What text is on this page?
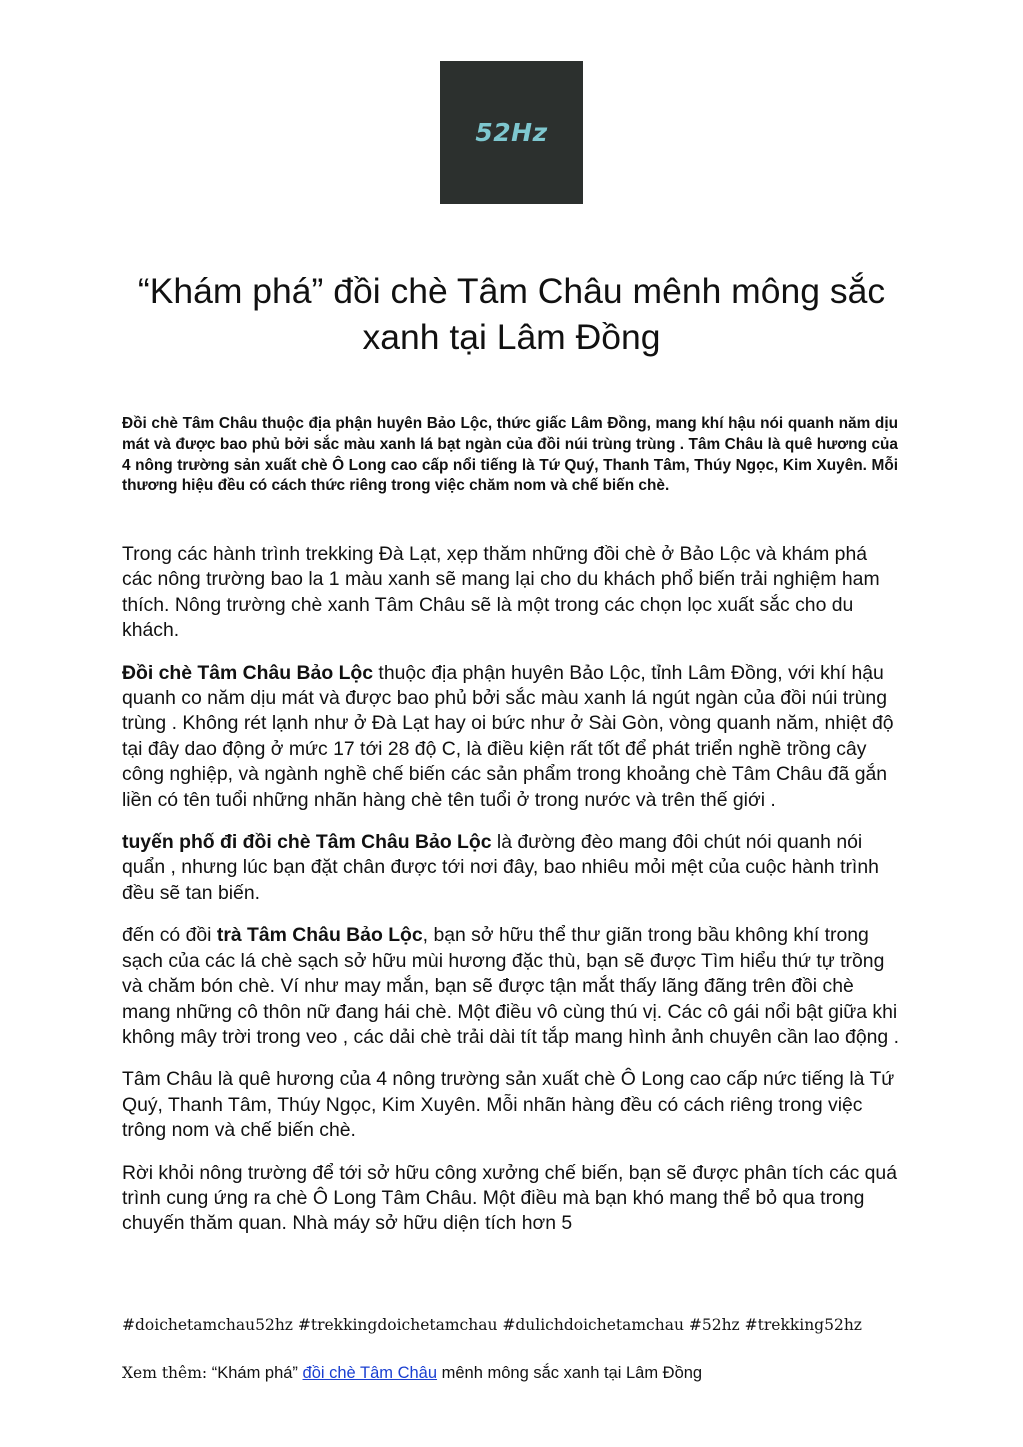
52Hz
“Khám phá” đồi chè Tâm Châu mênh mông sắc xanh tại Lâm Đồng

Đồi chè Tâm Châu thuộc địa phận huyên Bảo Lộc, thức giấc Lâm Đồng, mang khí hậu nói quanh năm dịu mát và được bao phủ bởi sắc màu xanh lá bạt ngàn của đồi núi trùng trùng . Tâm Châu là quê hương của 4 nông trường sản xuất chè Ô Long cao cấp nổi tiếng là Tứ Quý, Thanh Tâm, Thúy Ngọc, Kim Xuyên. Mỗi thương hiệu đều có cách thức riêng trong việc chăm nom và chế biến chè.

Trong các hành trình trekking Đà Lạt, xẹp thăm những đồi chè ở Bảo Lộc và khám phá các nông trường bao la 1 màu xanh sẽ mang lại cho du khách phổ biến trải nghiệm ham thích. Nông trường chè xanh Tâm Châu sẽ là một trong các chọn lọc xuất sắc cho du khách.

Đồi chè Tâm Châu Bảo Lộc thuộc địa phận huyên Bảo Lộc, tỉnh Lâm Đồng, với khí hậu quanh co năm dịu mát và được bao phủ bởi sắc màu xanh lá ngút ngàn của đồi núi trùng trùng . Không rét lạnh như ở Đà Lạt hay oi bức như ở Sài Gòn, vòng quanh năm, nhiệt độ tại đây dao động ở mức 17 tới 28 độ C, là điều kiện rất tốt để phát triển nghề trồng cây công nghiệp, và ngành nghề chế biến các sản phẩm trong khoảng chè Tâm Châu đã gắn liền có tên tuổi những nhãn hàng chè tên tuổi ở trong nước và trên thế giới .

tuyến phố đi đồi chè Tâm Châu Bảo Lộc là đường đèo mang đôi chút nói quanh nói quẩn , nhưng lúc bạn đặt chân được tới nơi đây, bao nhiêu mỏi mệt của cuộc hành trình đều sẽ tan biến.

đến có đồi trà Tâm Châu Bảo Lộc, bạn sở hữu thể thư giãn trong bầu không khí trong sạch của các lá chè sạch sở hữu mùi hương đặc thù, bạn sẽ được Tìm hiểu thứ tự trồng và chăm bón chè. Ví như may mắn, bạn sẽ được tận mắt thấy lãng đãng trên đồi chè mang những cô thôn nữ đang hái chè. Một điều vô cùng thú vị. Các cô gái nổi bật giữa khi không mây trời trong veo , các dải chè trải dài tít tắp mang hình ảnh chuyên cần lao động .

Tâm Châu là quê hương của 4 nông trường sản xuất chè Ô Long cao cấp nức tiếng là Tứ Quý, Thanh Tâm, Thúy Ngọc, Kim Xuyên. Mỗi nhãn hàng đều có cách riêng trong việc trông nom và chế biến chè.

Rời khỏi nông trường để tới sở hữu công xưởng chế biến, bạn sẽ được phân tích các quá trình cung ứng ra chè Ô Long Tâm Châu. Một điều mà bạn khó mang thể bỏ qua trong chuyến thăm quan. Nhà máy sở hữu diện tích hơn 5

#doichetamchau52hz #trekkingdoichetamchau #dulichdoichetamchau #52hz #trekking52hz
Xem thêm: “Khám phá” đồi chè Tâm Châu mênh mông sắc xanh tại Lâm Đồng
